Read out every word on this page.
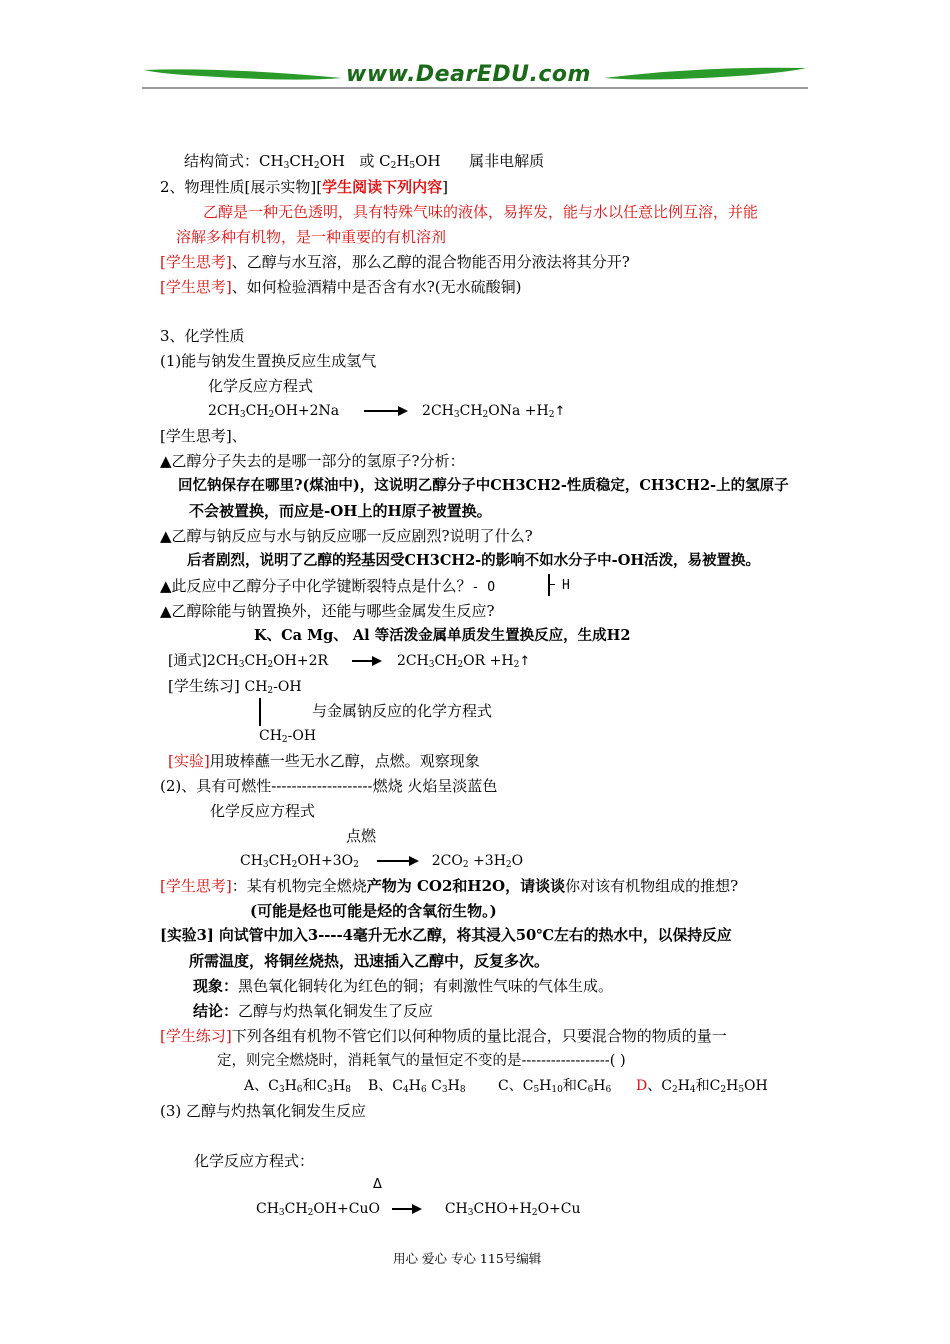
www.DearEDU.com
结构简式：$CH_3CH_2OH$ 或 $C_2H_5OH$ 属非电解质
2、物理性质[展示实物][学生阅读下列内容]
乙醇是一种无色透明，具有特殊气味的液体，易挥发，能与水以任意比例互溶，并能
溶解多种有机物，是一种重要的有机溶剂
[学生思考]、乙醇与水互溶，那么乙醇的混合物能否用分液法将其分开?
[学生思考]、如何检验酒精中是否含有水?(无水硫酸铜)
3、化学性质
(1)能与钠发生置换反应生成氢气
化学反应方程式
$2CH_3CH_2OH+2Na$	$2CH_3CH_2ONa$ $+H_2↑$
[学生思考]、
▲乙醇分子失去的是哪一部分的氢原子?分析：
回忆钠保存在哪里?(煤油中)，这说明乙醇分子中CH3CH2-性质稳定，CH3CH2-上的氢原子
不会被置换，而应是-OH上的H原子被置换。
▲乙醇与钠反应与水与钠反应哪一反应剧烈?说明了什么?
后者剧烈，说明了乙醇的羟基因受CH3CH2-的影响不如水分子中-OH活泼，易被置换。
▲此反应中乙醇分子中化学键断裂特点是什么？- O	H
▲乙醇除能与钠置换外，还能与哪些金属发生反应?
K、Ca Mg、 Al 等活泼金属单质发生置换反应，生成H2
[通式]$2CH_3CH_2OH+2R$	$2CH_3CH_2OR$ $+H_2↑$
[学生练习] $CH_2-OH$
与金属钠反应的化学方程式
$CH_2-OH$
[实验]用玻棒蘸一些无水乙醇，点燃。观察现象
(2)、具有可燃性--------------------燃烧 火焰呈淡蓝色
化学反应方程式
点燃
$CH_3CH_2OH+3O_2$	$2CO_2 +3H_2O$
[学生思考]：某有机物完全燃烧产物为 CO2和H2O，请谈谈你对该有机物组成的推想?
(可能是烃也可能是烃的含氧衍生物。)
[实验3] 向试管中加入3----4毫升无水乙醇，将其浸入50℃左右的热水中，以保持反应
所需温度，将铜丝烧热，迅速插入乙醇中，反复多次。
现象：黑色氧化铜转化为红色的铜；有刺激性气味的气体生成。
结论：乙醇与灼热氧化铜发生了反应
[学生练习]下列各组有机物不管它们以何种物质的量比混合，只要混合物的物质的量一
定，则完全燃烧时，消耗氧气的量恒定不变的是------------------( )
A、$C_3H_6$和$C_3H_8$ B、$C_4H_6$ $C_3H_8$ C、$C_5H_{10}$和$C_6H_6$ D、$C_2H_4$和$C_2H_5OH$
(3) 乙醇与灼热氧化铜发生反应
化学反应方程式：
Δ
$CH_3CH_2OH+CuO$	$CH_3CHO+H_2O+Cu$
用心 爱心 专心 115号编辑
